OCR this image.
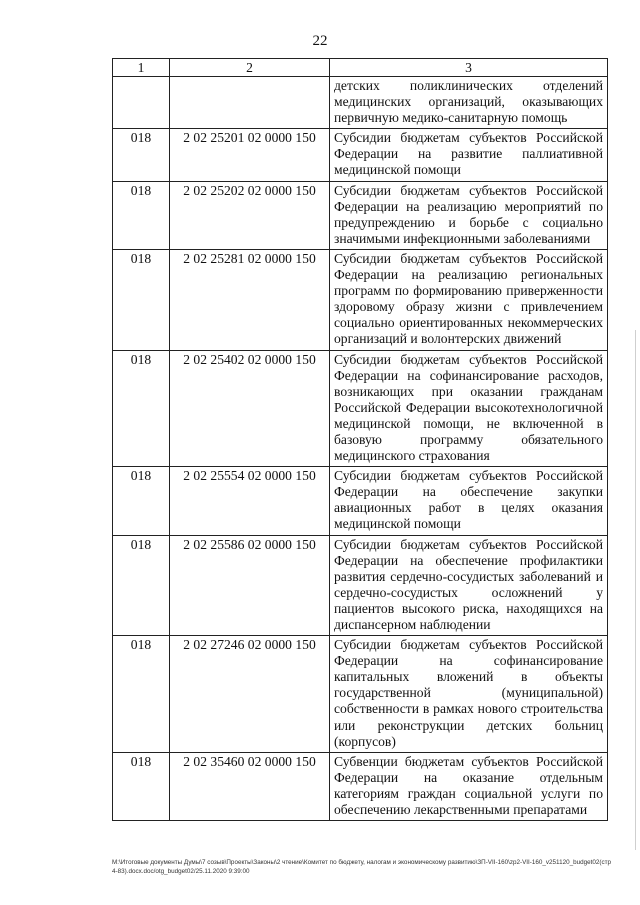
22
1	2	3
		детских поликлинических отделений медицинских организаций, оказывающих первичную медико-санитарную помощь
018	2 02 25201 02 0000 150	Субсидии бюджетам субъектов Российской Федерации на развитие паллиативной медицинской помощи
018	2 02 25202 02 0000 150	Субсидии бюджетам субъектов Российской Федерации на реализацию мероприятий по предупреждению и борьбе с социально значимыми инфекционными заболеваниями
018	2 02 25281 02 0000 150	Субсидии бюджетам субъектов Российской Федерации на реализацию региональных программ по формированию приверженности здоровому образу жизни с привлечением социально ориентированных некоммерческих организаций и волонтерских движений
018	2 02 25402 02 0000 150	Субсидии бюджетам субъектов Российской Федерации на софинансирование расходов, возникающих при оказании гражданам Российской Федерации высокотехнологичной медицинской помощи, не включенной в базовую программу обязательного медицинского страхования
018	2 02 25554 02 0000 150	Субсидии бюджетам субъектов Российской Федерации на обеспечение закупки авиационных работ в целях оказания медицинской помощи
018	2 02 25586 02 0000 150	Субсидии бюджетам субъектов Российской Федерации на обеспечение профилактики развития сердечно-сосудистых заболеваний и сердечно-сосудистых осложнений у пациентов высокого риска, находящихся на диспансерном наблюдении
018	2 02 27246 02 0000 150	Субсидии бюджетам субъектов Российской Федерации на софинансирование капитальных вложений в объекты государственной (муниципальной) собственности в рамках нового строительства или реконструкции детских больниц (корпусов)
018	2 02 35460 02 0000 150	Субвенции бюджетам субъектов Российской Федерации на оказание отдельным категориям граждан социальной услуги по обеспечению лекарственными препаратами
М:\Итоговые документы Думы\7 созыв\Проекты\Законы\2 чтение\Комитет по бюджету, налогам и экономическому развитию\ЗП-VII-160\zp2-VII-160_v251120_budget02(стр 4-83).docx.doc/otg_budget02/25.11.2020 9:39:00
